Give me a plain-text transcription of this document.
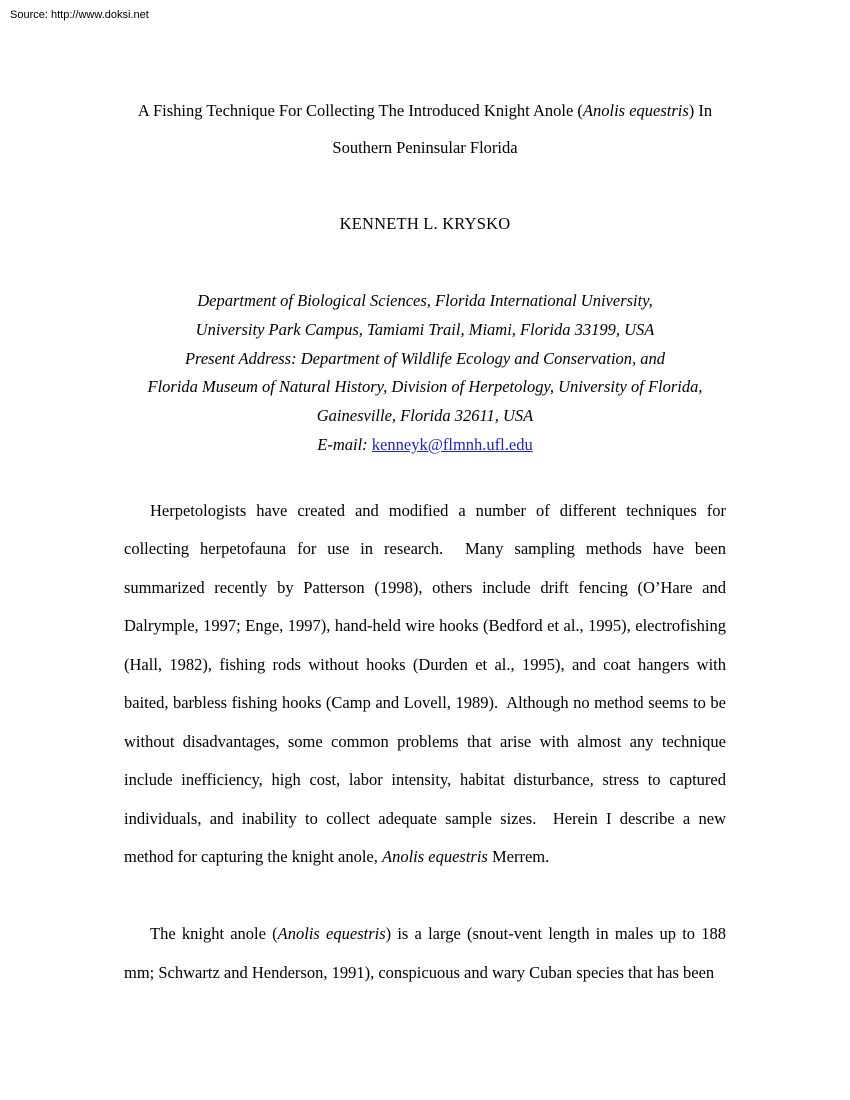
Source: http://www.doksi.net
A Fishing Technique For Collecting The Introduced Knight Anole (Anolis equestris) In
Southern Peninsular Florida
KENNETH L. KRYSKO
Department of Biological Sciences, Florida International University,
University Park Campus, Tamiami Trail, Miami, Florida 33199, USA
Present Address: Department of Wildlife Ecology and Conservation, and
Florida Museum of Natural History, Division of Herpetology, University of Florida,
Gainesville, Florida 32611, USA
E-mail: kenneyk@flmnh.ufl.edu

Herpetologists have created and modified a number of different techniques for collecting herpetofauna for use in research.  Many sampling methods have been summarized recently by Patterson (1998), others include drift fencing (O’Hare and Dalrymple, 1997; Enge, 1997), hand-held wire hooks (Bedford et al., 1995), electrofishing (Hall, 1982), fishing rods without hooks (Durden et al., 1995), and coat hangers with baited, barbless fishing hooks (Camp and Lovell, 1989).  Although no method seems to be without disadvantages, some common problems that arise with almost any technique include inefficiency, high cost, labor intensity, habitat disturbance, stress to captured individuals, and inability to collect adequate sample sizes.  Herein I describe a new method for capturing the knight anole, Anolis equestris Merrem.

The knight anole (Anolis equestris) is a large (snout-vent length in males up to 188 mm; Schwartz and Henderson, 1991), conspicuous and wary Cuban species that has been
